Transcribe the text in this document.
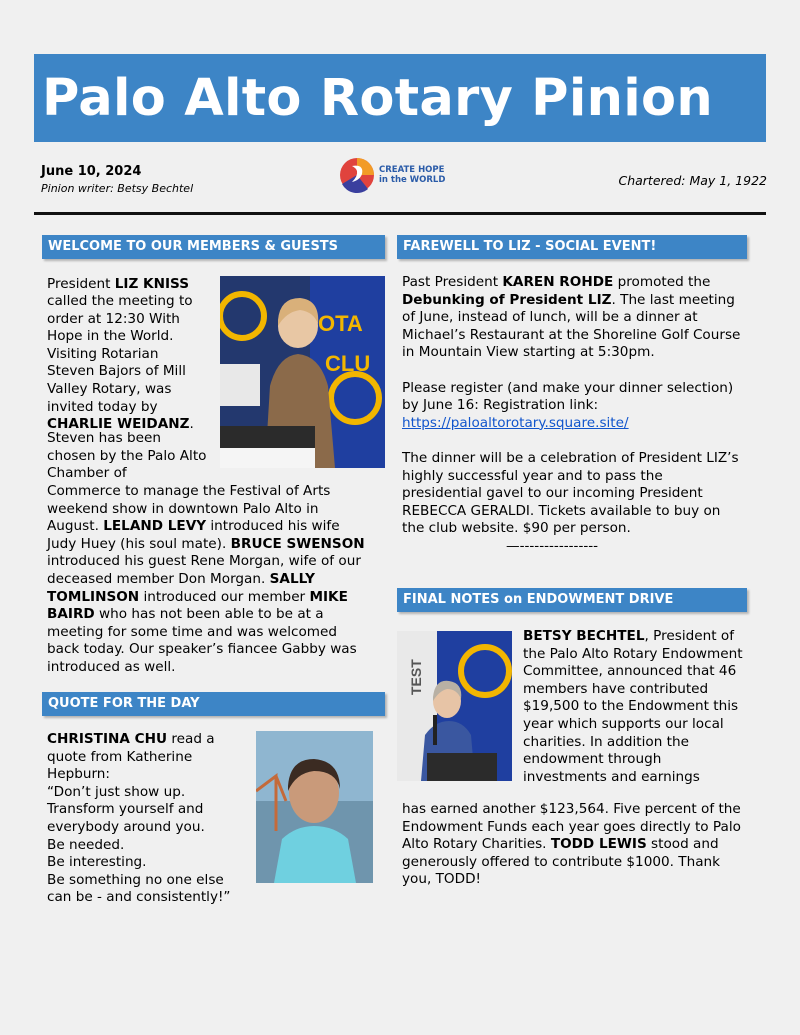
Palo Alto Rotary Pinion
June 10, 2024
Pinion writer: Betsy Bechtel
CREATE HOPE
in the WORLD	Chartered: May 1, 1922
WELCOME TO OUR MEMBERS & GUESTS
OTA
CLU

President LIZ KNISS

called the meeting to order at 12:30 With Hope in the World. Visiting Rotarian Steven Bajors of Mill Valley Rotary, was invited today by CHARLIE WEIDANZ.

Steven has been chosen by the Palo Alto Chamber of

Commerce to manage the Festival of Arts weekend show in downtown Palo Alto in August. LELAND LEVY introduced his wife Judy Huey (his soul mate). BRUCE SWENSON introduced his guest Rene Morgan, wife of our deceased member Don Morgan. SALLY TOMLINSON introduced our member MIKE BAIRD who has not been able to be at a meeting for some time and was welcomed back today. Our speaker’s fiancee Gabby was introduced as well.

QUOTE FOR THE DAY

CHRISTINA CHU read a quote from Katherine Hepburn:

“Don’t just show up.

Transform yourself and everybody around you.

Be needed.

Be interesting.

Be something no one else can be - and consistently!”

FAREWELL TO LIZ - SOCIAL EVENT!

Past President KAREN ROHDE promoted the Debunking of President LIZ. The last meeting of June, instead of lunch, will be a dinner at Michael’s Restaurant at the Shoreline Golf Course in Mountain View starting at 5:30pm.

Please register (and make your dinner selection) by June 16: Registration link:

https://paloaltorotary.square.site/

The dinner will be a celebration of President LIZ’s highly successful year and to pass the presidential gavel to our incoming President REBECCA GERALDI. Tickets available to buy on the club website. $90 per person.

—----------------

FINAL NOTES on ENDOWMENT DRIVE
TEST

BETSY BECHTEL, President of the Palo Alto Rotary Endowment Committee, announced that 46 members have contributed $19,500 to the Endowment this year which supports our local charities. In addition the endowment through investments and earnings

has earned another $123,564. Five percent of the Endowment Funds each year goes directly to Palo Alto Rotary Charities. TODD LEWIS stood and generously offered to contribute $1000. Thank you, TODD!
